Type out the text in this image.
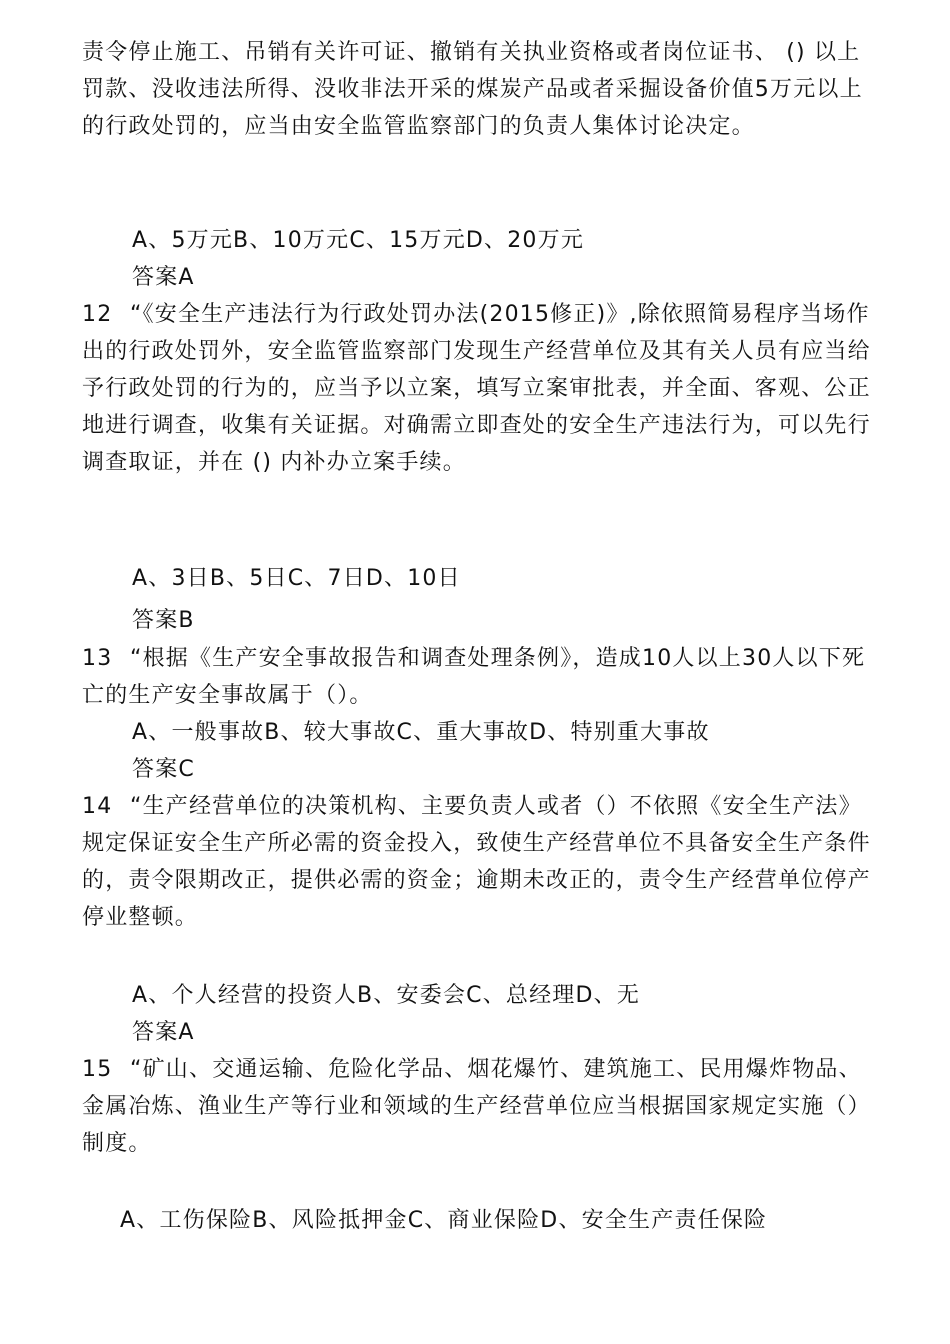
责令停止施工、吊销有关许可证、撤销有关执业资格或者岗位证书、 () 以上罚款、没收违法所得、没收非法开采的煤炭产品或者采掘设备价值5万元以上的行政处罚的，应当由安全监管监察部门的负责人集体讨论决定。

A、5万元B、10万元C、15万元D、20万元

答案A

12 “《安全生产违法行为行政处罚办法(2015修正)》,除依照简易程序当场作出的行政处罚外，安全监管监察部门发现生产经营单位及其有关人员有应当给予行政处罚的行为的，应当予以立案，填写立案审批表，并全面、客观、公正地进行调查，收集有关证据。对确需立即查处的安全生产违法行为，可以先行调查取证，并在 () 内补办立案手续。

A、3日B、5日C、7日D、10日

答案B

13 “根据《生产安全事故报告和调查处理条例》，造成10人以上30人以下死亡的生产安全事故属于（）。

A、一般事故B、较大事故C、重大事故D、特别重大事故

答案C

14 “生产经营单位的决策机构、主要负责人或者（）不依照《安全生产法》规定保证安全生产所必需的资金投入，致使生产经营单位不具备安全生产条件的，责令限期改正，提供必需的资金；逾期未改正的，责令生产经营单位停产停业整顿。

A、个人经营的投资人B、安委会C、总经理D、无

答案A

15 “矿山、交通运输、危险化学品、烟花爆竹、建筑施工、民用爆炸物品、金属冶炼、渔业生产等行业和领域的生产经营单位应当根据国家规定实施（）制度。

A、工伤保险B、风险抵押金C、商业保险D、安全生产责任保险
